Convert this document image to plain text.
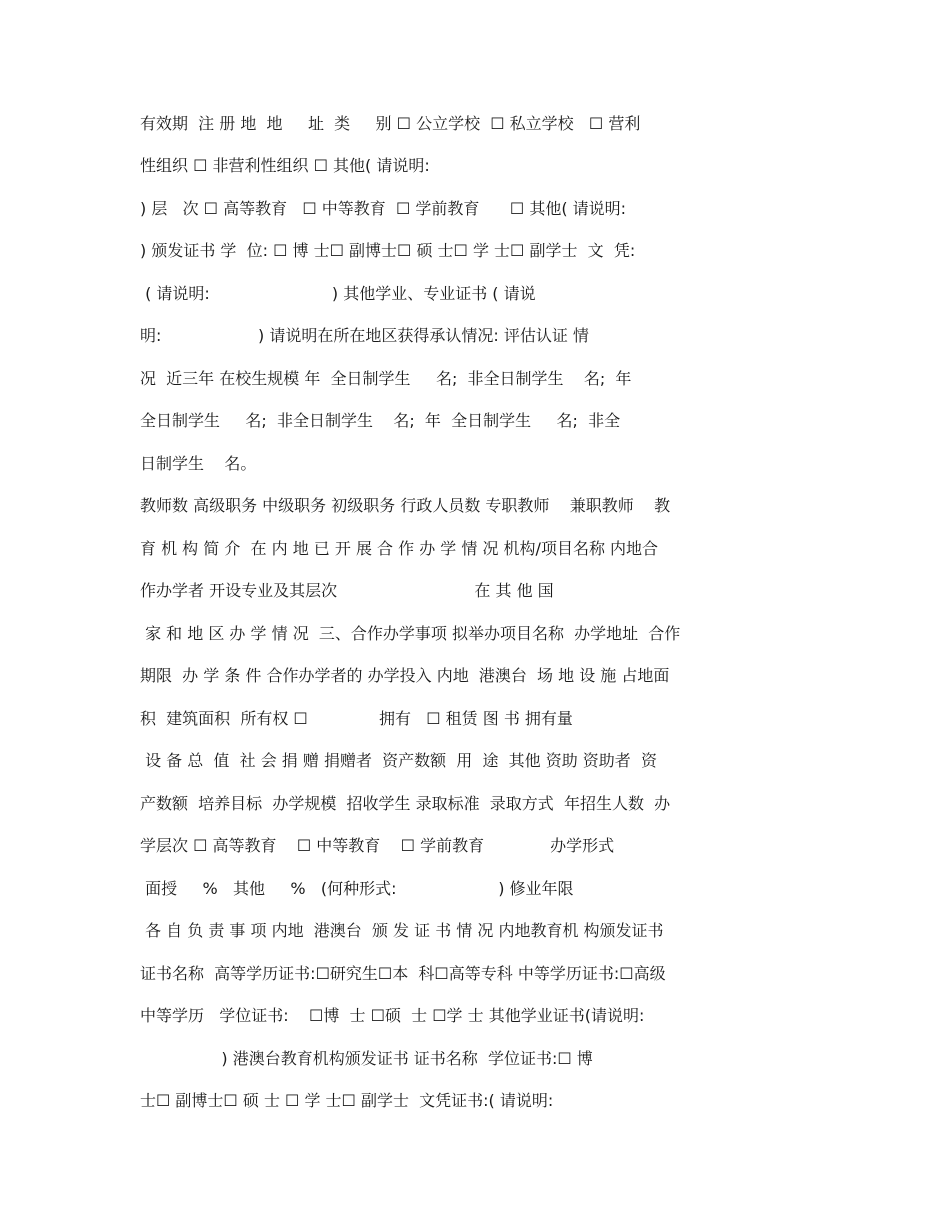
有效期  注 册 地  地     址  类     别 ☐ 公立学校  ☐ 私立学校   ☐ 营利
性组织 ☐ 非营利性组织 ☐ 其他( 请说明:
) 层   次 ☐ 高等教育   ☐ 中等教育  ☐ 学前教育      ☐ 其他( 请说明:
) 颁发证书 学  位: ☐ 博 士☐ 副博士☐ 硕 士☐ 学 士☐ 副学士  文  凭:
( 请说明:                        ) 其他学业、专业证书 ( 请说
明:                   ) 请说明在所在地区获得承认情况: 评估认证 情
况  近三年 在校生规模 年  全日制学生     名;  非全日制学生    名;  年
全日制学生     名;  非全日制学生    名;  年  全日制学生     名;  非全
日制学生    名。
教师数 高级职务 中级职务 初级职务 行政人员数 专职教师    兼职教师    教
育 机 构 简 介  在 内 地 已 开 展 合 作 办 学 情 况 机构/项目名称 内地合
作办学者 开设专业及其层次                           在 其 他 国
家 和 地 区 办 学 情 况  三、合作办学事项 拟举办项目名称  办学地址  合作
期限  办 学 条 件 合作办学者的 办学投入 内地  港澳台  场 地 设 施 占地面
积  建筑面积  所有权 ☐              拥有   ☐ 租赁 图 书 拥有量
设 备 总  值  社 会 捐 赠 捐赠者  资产数额  用  途  其他 资助 资助者  资
产数额  培养目标  办学规模  招收学生 录取标准  录取方式  年招生人数  办
学层次 ☐ 高等教育    ☐ 中等教育    ☐ 学前教育             办学形式
面授     %   其他     %   (何种形式:                    ) 修业年限
各 自 负 责 事 项 内地  港澳台  颁 发 证 书 情 况 内地教育机 构颁发证书
证书名称  高等学历证书:☐研究生☐本  科☐高等专科 中等学历证书:☐高级
中等学历   学位证书:    ☐博  士 ☐硕  士 ☐学 士 其他学业证书(请说明:
) 港澳台教育机构颁发证书 证书名称  学位证书:☐ 博
士☐ 副博士☐ 硕 士 ☐ 学 士☐ 副学士  文凭证书:( 请说明:
